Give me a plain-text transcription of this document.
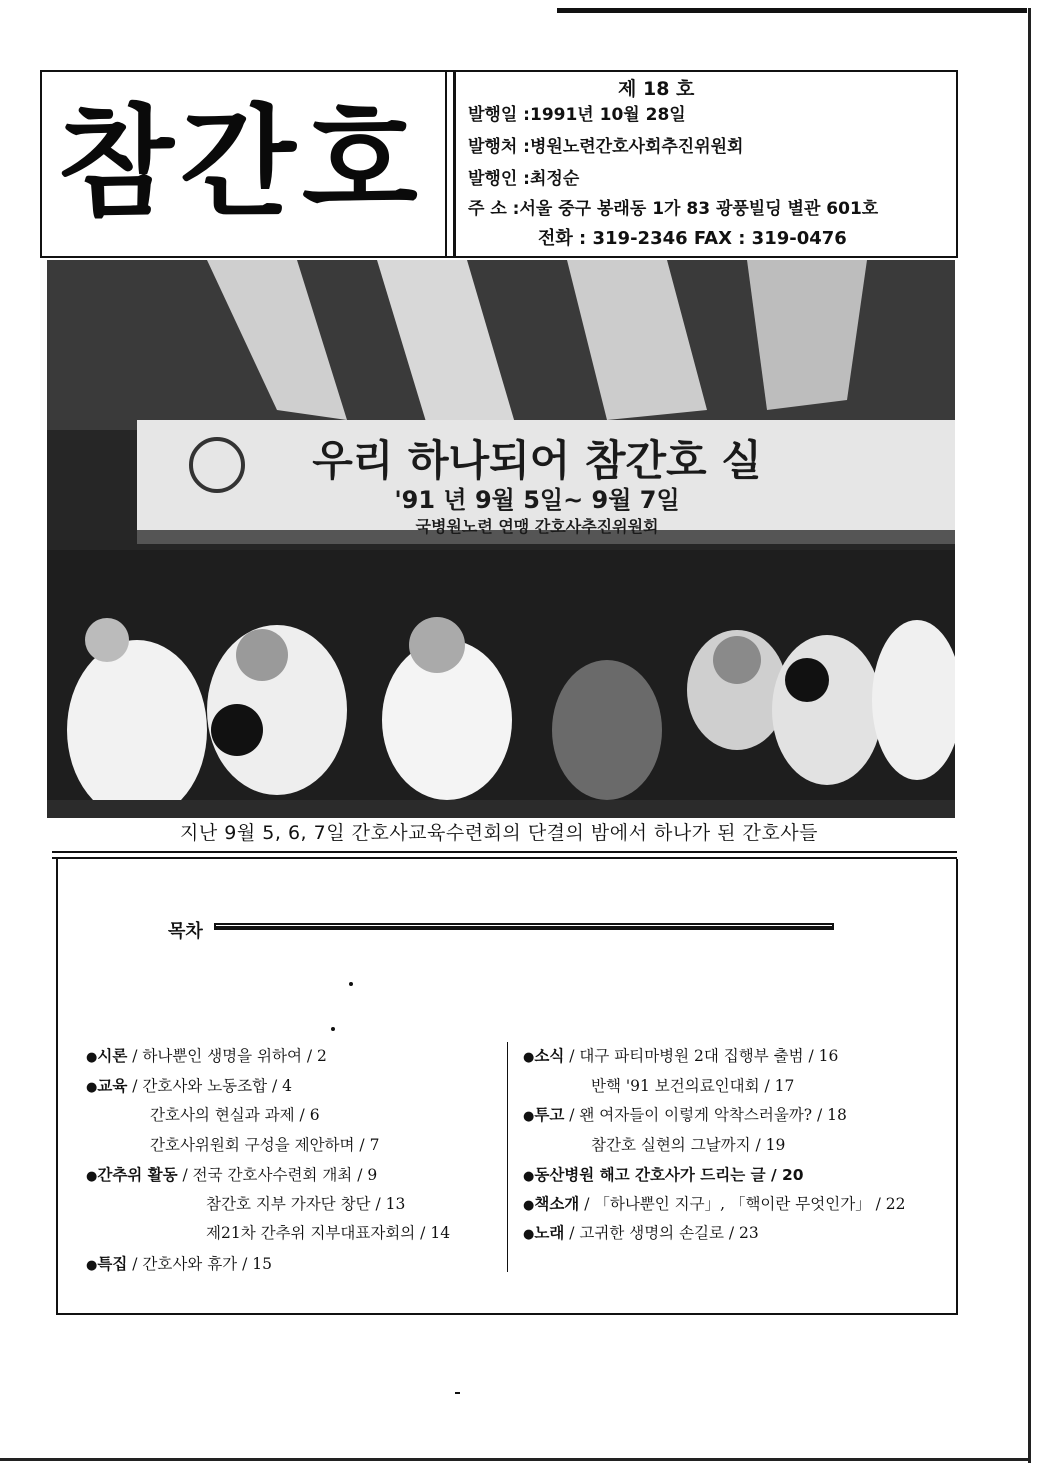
참간호
제 18 호
발행일 :1991년 10월 28일
발행처 :병원노련간호사회추진위원회
발행인 :최정순
주 소 :서울 중구 봉래동 1가 83 광풍빌딩 별관 601호
전화 : 319-2346 FAX : 319-0476
우리 하나되어 참간호 실
'91 년 9월 5일~ 9월 7일
국병원노련 연맹 간호사추진위원회
지난 9월 5, 6, 7일 간호사교육수련회의 단결의 밤에서 하나가 된 간호사들
목차
●시론 / 하나뿐인 생명을 위하여 / 2
●교육 / 간호사와 노동조합 / 4
간호사의 현실과 과제 / 6
간호사위원회 구성을 제안하며 / 7
●간추위 활동 / 전국 간호사수련회 개최 / 9
참간호 지부 가자단 창단 / 13
제21차 간추위 지부대표자회의 / 14
●특집 / 간호사와 휴가 / 15
●소식 / 대구 파티마병원 2대 집행부 출범 / 16
반핵 '91 보건의료인대회 / 17
●투고 / 왠 여자들이 이렇게 악착스러울까? / 18
참간호 실현의 그날까지 / 19
●동산병원 해고 간호사가 드리는 글 / 20
●책소개 / 「하나뿐인 지구」, 「핵이란 무엇인가」 / 22
●노래 / 고귀한 생명의 손길로 / 23
